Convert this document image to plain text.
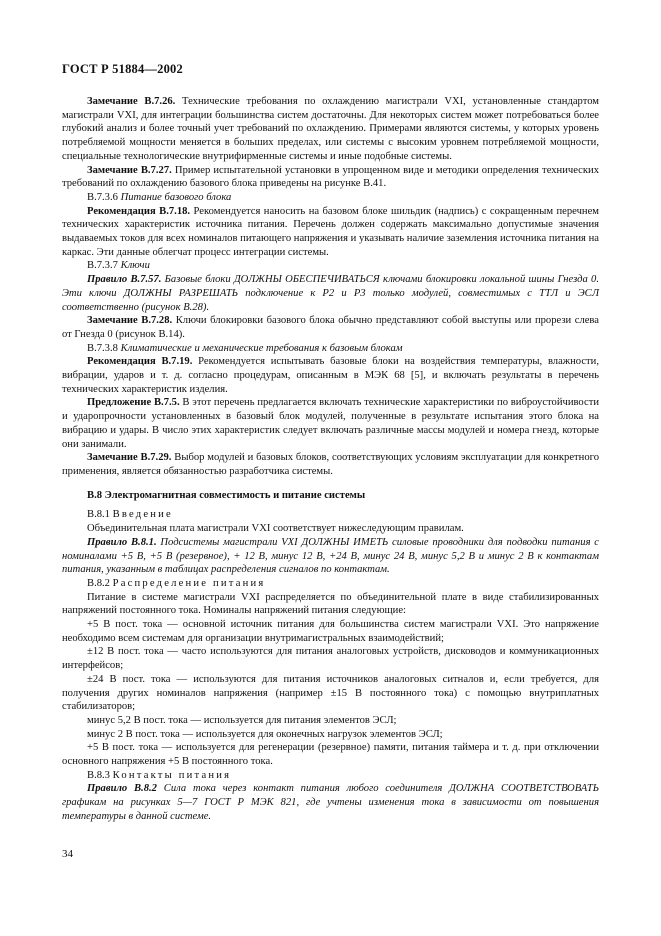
ГОСТ Р 51884—2002

Замечание В.7.26. Технические требования по охлаждению магистрали VXI, установленные стандартом магистрали VXI, для интеграции большинства систем достаточны. Для некоторых систем может потребоваться более глубокий анализ и более точный учет требований по охлаждению. Примерами являются системы, у которых уровень потребляемой мощности меняется в больших пределах, или системы с высоким уровнем потребляемой мощности, специальные технологические внутрифирменные системы и иные подобные системы.

Замечание В.7.27. Пример испытательной установки в упрощенном виде и методики определения технических требований по охлаждению базового блока приведены на рисунке В.41.

В.7.3.6 Питание базового блока

Рекомендация В.7.18. Рекомендуется наносить на базовом блоке шильдик (надпись) с сокращенным перечнем технических характеристик источника питания. Перечень должен содержать максимально допустимые значения выдаваемых токов для всех номиналов питающего напряжения и указывать наличие заземления источника питания на каркас. Эти данные облегчат процесс интеграции системы.

В.7.3.7 Ключи

Правило В.7.57. Базовые блоки ДОЛЖНЫ ОБЕСПЕЧИВАТЬСЯ ключами блокировки локальной шины Гнезда 0. Эти ключи ДОЛЖНЫ РАЗРЕШАТЬ подключение к Р2 и Р3 только модулей, совместимых с ТТЛ и ЭСЛ соответственно (рисунок В.28).

Замечание В.7.28. Ключи блокировки базового блока обычно представляют собой выступы или прорези слева от Гнезда 0 (рисунок В.14).

В.7.3.8 Климатические и механические требования к базовым блокам

Рекомендация В.7.19. Рекомендуется испытывать базовые блоки на воздействия температуры, влажности, вибрации, ударов и т. д. согласно процедурам, описанным в МЭК 68 [5], и включать результаты в перечень технических характеристик изделия.

Предложение В.7.5. В этот перечень предлагается включать технические характеристики по виброустойчивости и ударопрочности установленных в базовый блок модулей, полученные в результате испытания этого блока на вибрацию и удары. В число этих характеристик следует включать различные массы модулей и номера гнезд, которые они занимали.

Замечание В.7.29. Выбор модулей и базовых блоков, соответствующих условиям эксплуатации для конкретного применения, является обязанностью разработчика системы.

В.8 Электромагнитная совместимость и питание системы

В.8.1 Введение

Объединительная плата магистрали VXI соответствует нижеследующим правилам.

Правило В.8.1. Подсистемы магистрали VXI ДОЛЖНЫ ИМЕТЬ силовые проводники для подводки питания с номиналами +5 В, +5 В (резервное), + 12 В, минус 12 В, +24 В, минус 24 В, минус 5,2 В и минус 2 В к контактам питания, указанным в таблицах распределения сигналов по контактам.

В.8.2 Распределение питания

Питание в системе магистрали VXI распределяется по объединительной плате в виде стабилизированных напряжений постоянного тока. Номиналы напряжений питания следующие:

+5 В пост. тока — основной источник питания для большинства систем магистрали VXI. Это напряжение необходимо всем системам для организации внутримагистральных взаимодействий;

±12 В пост. тока — часто используются для питания аналоговых устройств, дисководов и коммуникационных интерфейсов;

±24 В пост. тока — используются для питания источников аналоговых ситналов и, если требуется, для получения других номиналов напряжения (например ±15 В постоянного тока) с помощью внутриплатных стабилизаторов;

минус 5,2 В пост. тока — используется для питания элементов ЭСЛ;

минус 2 В пост. тока — используется для оконечных нагрузок элементов ЭСЛ;

+5 В пост. тока — используется для регенерации (резервное) памяти, питания таймера и т. д. при отключении основного напряжения +5 В постоянного тока.

В.8.3 Контакты питания

Правило В.8.2 Сила тока через контакт питания любого соединителя ДОЛЖНА СООТВЕТСТВОВАТЬ графикам на рисунках 5—7 ГОСТ Р МЭК 821, где учтены изменения тока в зависимости от повышения температуры в данной системе.

34
